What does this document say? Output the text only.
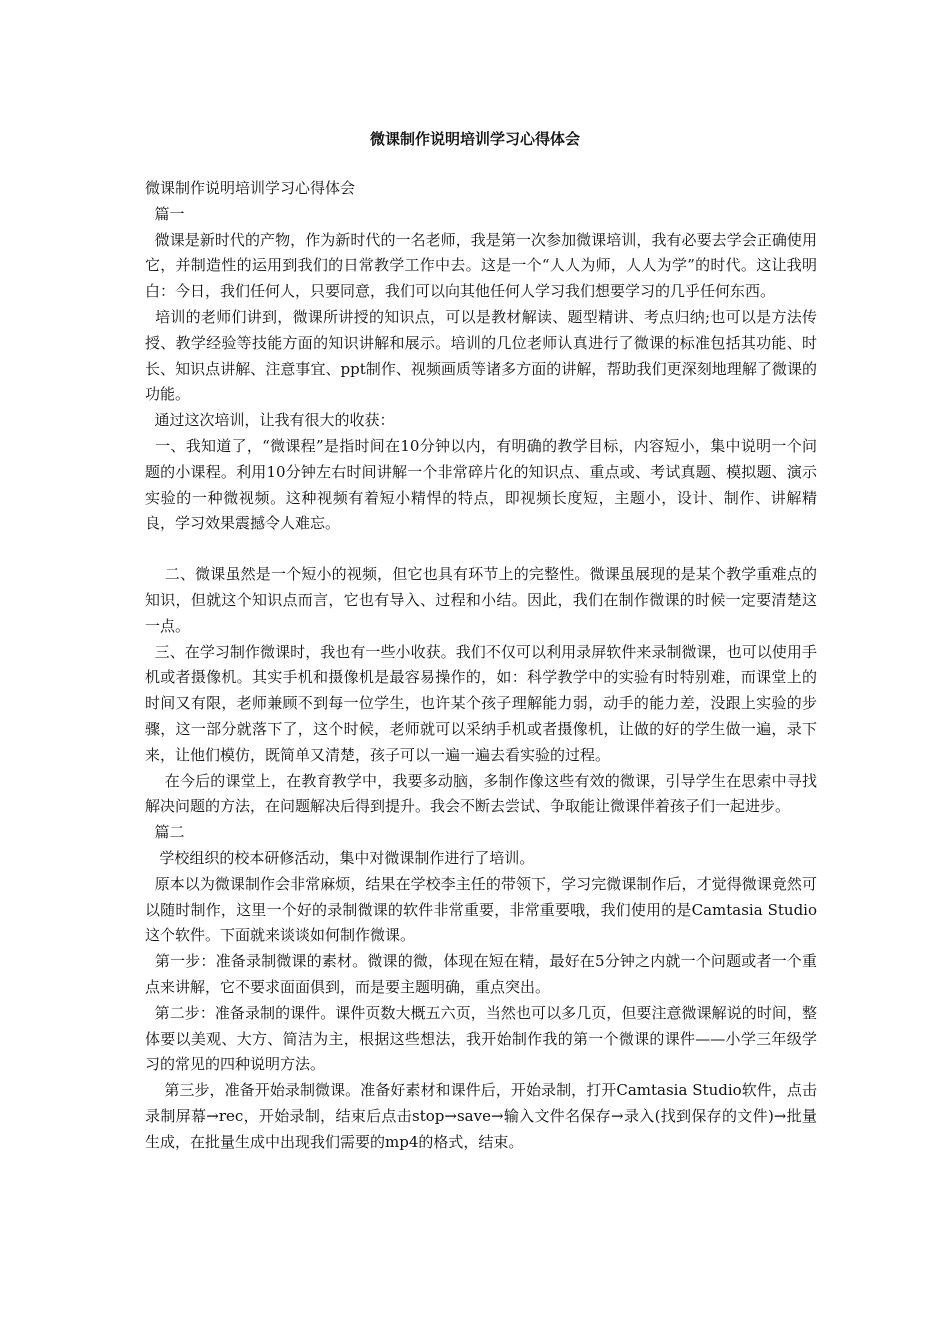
微课制作说明培训学习心得体会

微课制作说明培训学习心得体会

篇一

微课是新时代的产物，作为新时代的一名老师，我是第一次参加微课培训，我有必要去学会正确使用它，并制造性的运用到我们的日常教学工作中去。这是一个“人人为师，人人为学”的时代。这让我明白：今日，我们任何人，只要同意，我们可以向其他任何人学习我们想要学习的几乎任何东西。

培训的老师们讲到，微课所讲授的知识点，可以是教材解读、题型精讲、考点归纳;也可以是方法传授、教学经验等技能方面的知识讲解和展示。培训的几位老师认真进行了微课的标准包括其功能、时长、知识点讲解、注意事宜、ppt制作、视频画质等诸多方面的讲解，帮助我们更深刻地理解了微课的功能。

通过这次培训，让我有很大的收获：

一、我知道了，“微课程”是指时间在10分钟以内，有明确的教学目标，内容短小，集中说明一个问题的小课程。利用10分钟左右时间讲解一个非常碎片化的知识点、重点或、考试真题、模拟题、演示实验的一种微视频。这种视频有着短小精悍的特点，即视频长度短，主题小，设计、制作、讲解精良，学习效果震撼令人难忘。

二、微课虽然是一个短小的视频，但它也具有环节上的完整性。微课虽展现的是某个教学重难点的知识，但就这个知识点而言，它也有导入、过程和小结。因此，我们在制作微课的时候一定要清楚这一点。

三、在学习制作微课时，我也有一些小收获。我们不仅可以利用录屏软件来录制微课，也可以使用手机或者摄像机。其实手机和摄像机是最容易操作的，如：科学教学中的实验有时特别难，而课堂上的时间又有限，老师兼顾不到每一位学生，也许某个孩子理解能力弱，动手的能力差，没跟上实验的步骤，这一部分就落下了，这个时候，老师就可以采纳手机或者摄像机，让做的好的学生做一遍，录下来，让他们模仿，既简单又清楚，孩子可以一遍一遍去看实验的过程。

在今后的课堂上，在教育教学中，我要多动脑，多制作像这些有效的微课，引导学生在思索中寻找解决问题的方法，在问题解决后得到提升。我会不断去尝试、争取能让微课伴着孩子们一起进步。

篇二

学校组织的校本研修活动，集中对微课制作进行了培训。

原本以为微课制作会非常麻烦，结果在学校李主任的带领下，学习完微课制作后，才觉得微课竟然可以随时制作，这里一个好的录制微课的软件非常重要，非常重要哦，我们使用的是Camtasia Studio这个软件。下面就来谈谈如何制作微课。

第一步：准备录制微课的素材。微课的微，体现在短在精，最好在5分钟之内就一个问题或者一个重点来讲解，它不要求面面俱到，而是要主题明确，重点突出。

第二步：准备录制的课件。课件页数大概五六页，当然也可以多几页，但要注意微课解说的时间，整体要以美观、大方、简洁为主，根据这些想法，我开始制作我的第一个微课的课件——小学三年级学习的常见的四种说明方法。

第三步，准备开始录制微课。准备好素材和课件后，开始录制，打开Camtasia Studio软件，点击录制屏幕→rec，开始录制，结束后点击stop→save→输入文件名保存→录入(找到保存的文件)→批量生成，在批量生成中出现我们需要的mp4的格式，结束。
